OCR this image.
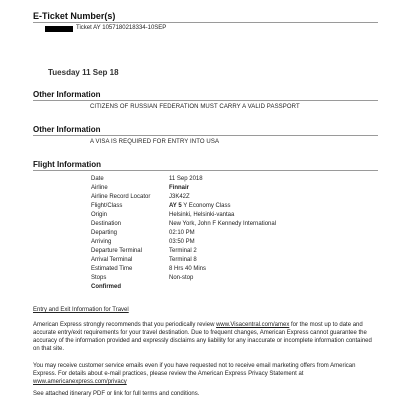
E-Ticket Number(s)
Ticket AY 1057180218334-10SEP
Tuesday 11 Sep 18
Other Information
CITIZENS OF RUSSIAN FEDERATION MUST CARRY A VALID PASSPORT
Other Information
A VISA IS REQUIRED FOR ENTRY INTO USA
Flight Information
Date	11 Sep 2018
Airline	Finnair
Airline Record Locator	J3K42Z
Flight/Class	AY 5 Y Economy Class
Origin	Helsinki, Helsinki-vantaa
Destination	New York, John F Kennedy International
Departing	02:10 PM
Arriving	03:50 PM
Departure Terminal	Terminal 2
Arrival Terminal	Terminal 8
Estimated Time	8 Hrs 40 Mins
Stops	Non-stop
Confirmed
Entry and Exit Information for Travel
American Express strongly recommends that you periodically review www.Visacentral.com/amex for the most up to date and accurate entry/exit requirements for your travel destination. Due to frequent changes, American Express cannot guarantee the accuracy of the information provided and expressly disclaims any liability for any inaccurate or incomplete information contained on that site.
You may receive customer service emails even if you have requested not to receive email marketing offers from American Express. For details about e-mail practices, please review the American Express Privacy Statement at www.americanexpress.com/privacy
See attached itinerary PDF or link for full terms and conditions.
